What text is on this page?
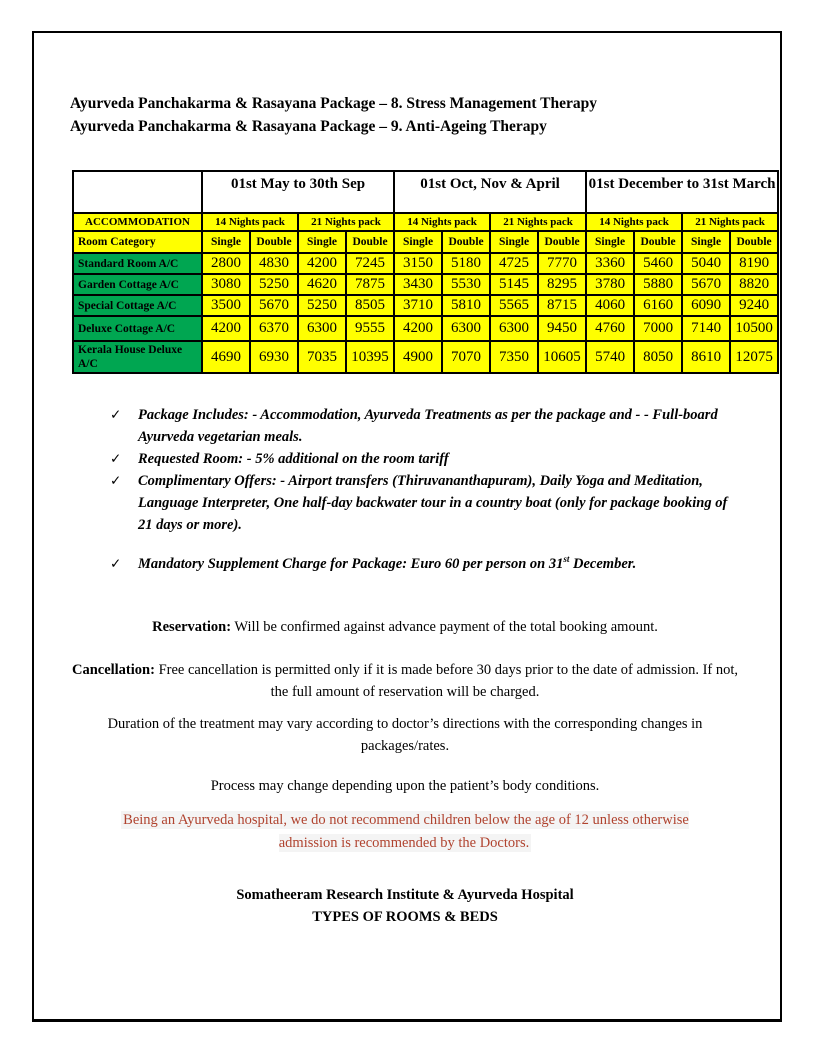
Ayurveda Panchakarma & Rasayana Package – 8. Stress Management Therapy
Ayurveda Panchakarma & Rasayana Package – 9. Anti-Ageing Therapy
	01st May to 30th Sep				01st Oct, Nov & April				01st December to 31st March			
ACCOMMODATION	14 Nights pack		21 Nights pack		14 Nights pack		21 Nights pack		14 Nights pack		21 Nights pack	
Room Category	Single	Double	Single	Double	Single	Double	Single	Double	Single	Double	Single	Double
Standard Room A/C	2800	4830	4200	7245	3150	5180	4725	7770	3360	5460	5040	8190
Garden Cottage A/C	3080	5250	4620	7875	3430	5530	5145	8295	3780	5880	5670	8820
Special Cottage A/C	3500	5670	5250	8505	3710	5810	5565	8715	4060	6160	6090	9240
Deluxe Cottage A/C	4200	6370	6300	9555	4200	6300	6300	9450	4760	7000	7140	10500
Kerala House Deluxe A/C	4690	6930	7035	10395	4900	7070	7350	10605	5740	8050	8610	12075
✓ Package Includes: - Accommodation, Ayurveda Treatments as per the package and - - Full-board Ayurveda vegetarian meals.
✓ Requested Room: - 5% additional on the room tariff
✓ Complimentary Offers: - Airport transfers (Thiruvananthapuram), Daily Yoga and Meditation, Language Interpreter, One half-day backwater tour in a country boat (only for package booking of 21 days or more).
✓ Mandatory Supplement Charge for Package: Euro 60 per person on 31st December.
Reservation: Will be confirmed against advance payment of the total booking amount.
Cancellation: Free cancellation is permitted only if it is made before 30 days prior to the date of admission. If not, the full amount of reservation will be charged.
Duration of the treatment may vary according to doctor’s directions with the corresponding changes in packages/rates.
Process may change depending upon the patient’s body conditions.
Being an Ayurveda hospital, we do not recommend children below the age of 12 unless otherwise admission is recommended by the Doctors.
Somatheeram Research Institute & Ayurveda Hospital
TYPES OF ROOMS & BEDS
